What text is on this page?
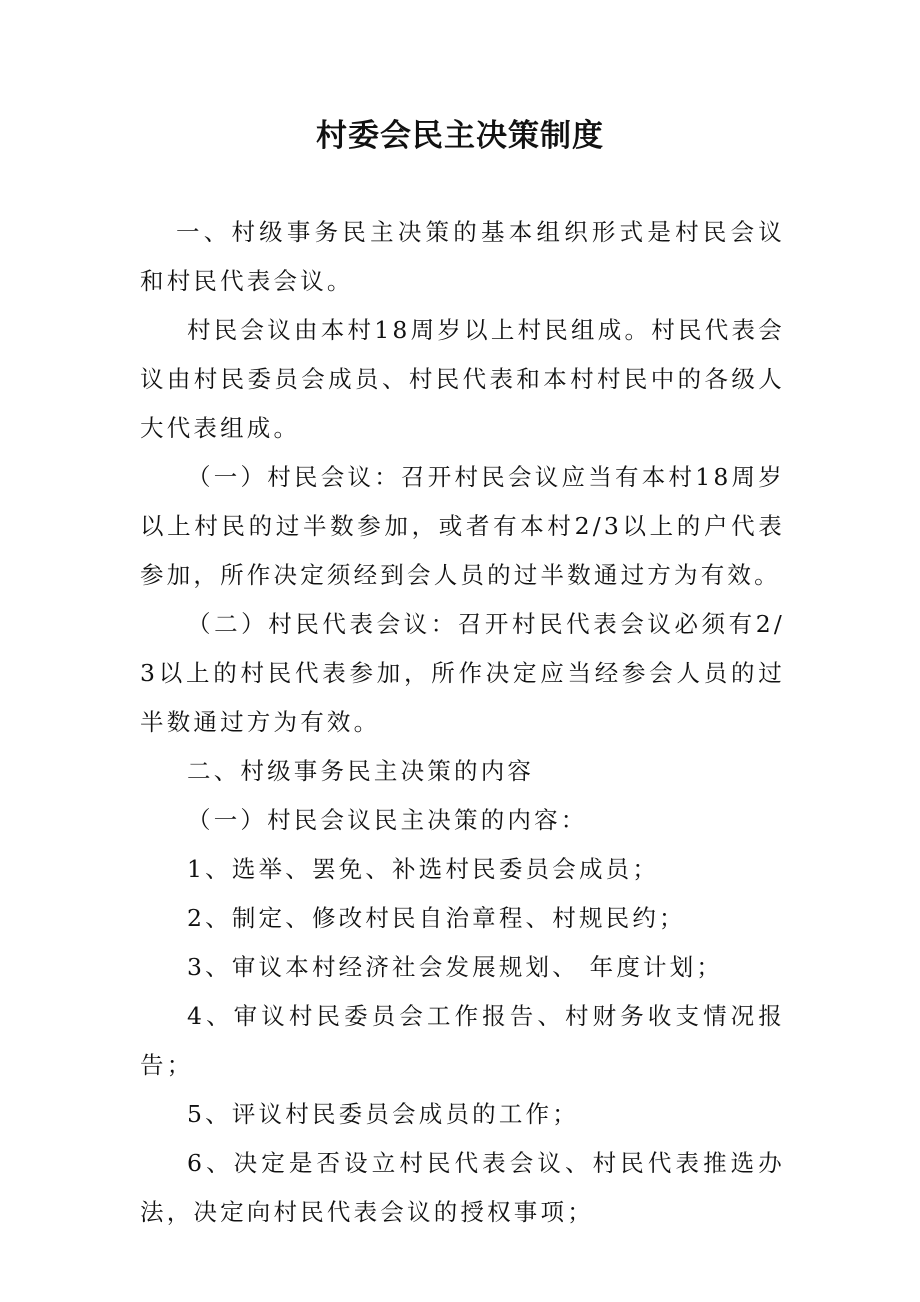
村委会民主决策制度

一、村级事务民主决策的基本组织形式是村民会议和村民代表会议。

村民会议由本村18周岁以上村民组成。村民代表会议由村民委员会成员、村民代表和本村村民中的各级人大代表组成。

（一）村民会议：召开村民会议应当有本村18周岁以上村民的过半数参加，或者有本村2/3以上的户代表参加，所作决定须经到会人员的过半数通过方为有效。

（二）村民代表会议：召开村民代表会议必须有2/3以上的村民代表参加，所作决定应当经参会人员的过半数通过方为有效。

二、村级事务民主决策的内容

（一）村民会议民主决策的内容：

1、选举、罢免、补选村民委员会成员；

2、制定、修改村民自治章程、村规民约；

3、审议本村经济社会发展规划、 年度计划；

4、审议村民委员会工作报告、村财务收支情况报告；

5、评议村民委员会成员的工作；

6、决定是否设立村民代表会议、村民代表推选办法，决定向村民代表会议的授权事项；
